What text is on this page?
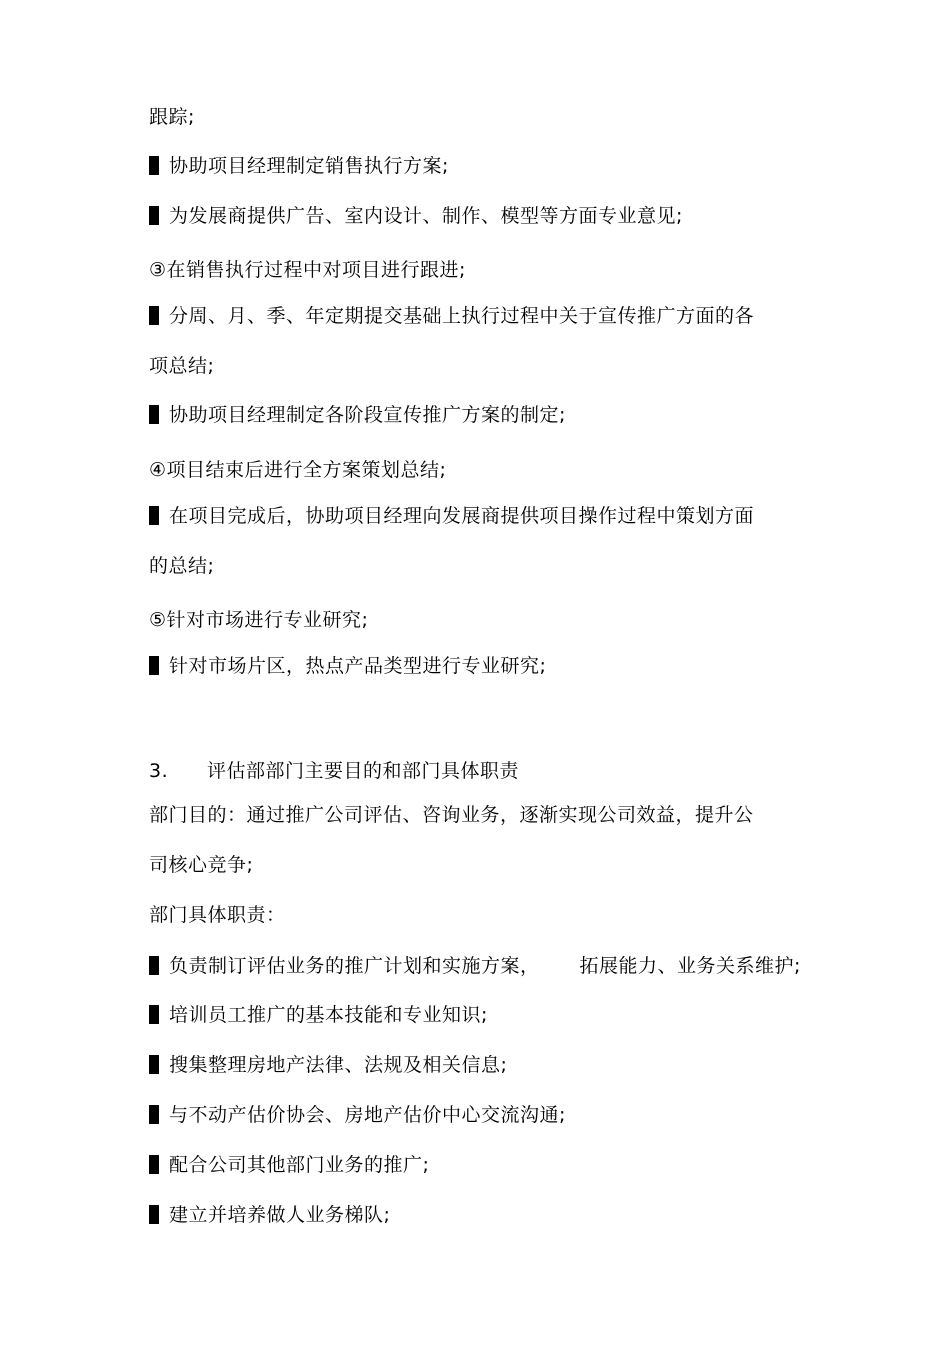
跟踪;
协助项目经理制定销售执行方案;
为发展商提供广告、室内设计、制作、模型等方面专业意见;
③在销售执行过程中对项目进行跟进;
分周、月、季、年定期提交基础上执行过程中关于宣传推广方面的各
项总结;
协助项目经理制定各阶段宣传推广方案的制定;
④项目结束后进行全方案策划总结;
在项目完成后，协助项目经理向发展商提供项目操作过程中策划方面
的总结;
⑤针对市场进行专业研究;
针对市场片区，热点产品类型进行专业研究;
3. 评估部部门主要目的和部门具体职责
部门目的：通过推广公司评估、咨询业务，逐渐实现公司效益，提升公
司核心竞争;
部门具体职责：
负责制订评估业务的推广计划和实施方案， 拓展能力、业务关系维护;
培训员工推广的基本技能和专业知识;
搜集整理房地产法律、法规及相关信息;
与不动产估价协会、房地产估价中心交流沟通;
配合公司其他部门业务的推广;
建立并培养做人业务梯队;
